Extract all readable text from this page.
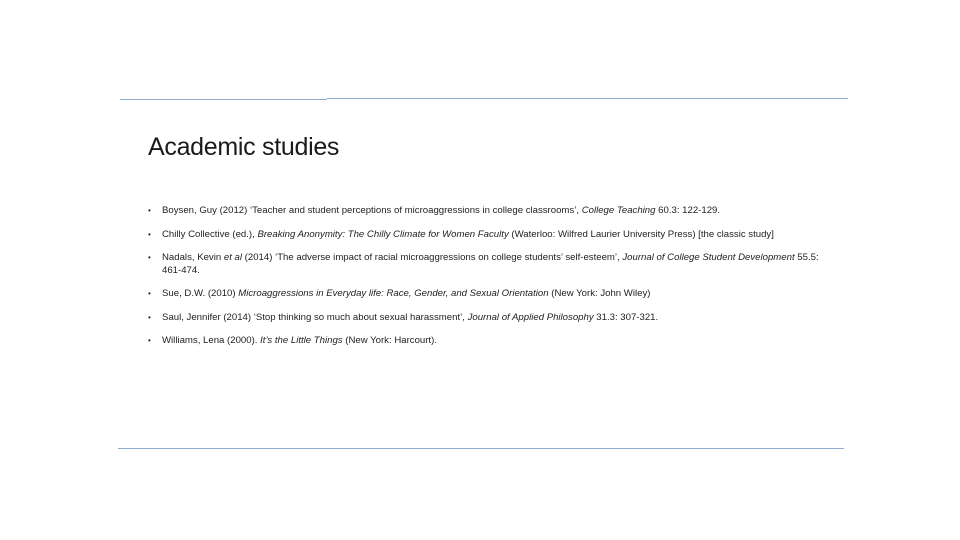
Academic studies
• Boysen, Guy (2012) ‘Teacher and student perceptions of microaggressions in college classrooms’, College Teaching 60.3: 122-129.
• Chilly Collective (ed.), Breaking Anonymity: The Chilly Climate for Women Faculty (Waterloo: Wilfred Laurier University Press) [the classic study]
• Nadals, Kevin et al (2014) ‘The adverse impact of racial microaggressions on college students’ self-esteem’, Journal of College Student Development 55.5: 461-474.
• Sue, D.W. (2010) Microaggressions in Everyday life: Race, Gender, and Sexual Orientation (New York: John Wiley)
• Saul, Jennifer (2014) ‘Stop thinking so much about sexual harassment’, Journal of Applied Philosophy 31.3: 307-321.
• Williams, Lena (2000). It’s the Little Things (New York: Harcourt).
